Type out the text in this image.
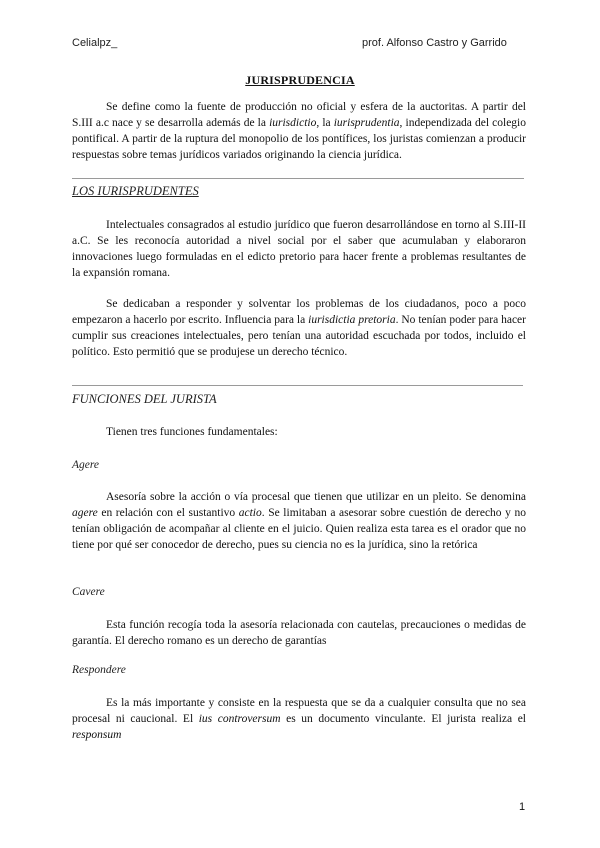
Celialpz_	prof. Alfonso Castro y Garrido
JURISPRUDENCIA

Se define como la fuente de producción no oficial y esfera de la auctoritas. A partir del S.III a.c nace y se desarrolla además de la iurisdictio, la iurisprudentia, independizada del colegio pontifical. A partir de la ruptura del monopolio de los pontífices, los juristas comienzan a producir respuestas sobre temas jurídicos variados originando la ciencia jurídica.

LOS IURISPRUDENTES

Intelectuales consagrados al estudio jurídico que fueron desarrollándose en torno al S.III-II a.C. Se les reconocía autoridad a nivel social por el saber que acumulaban y elaboraron innovaciones luego formuladas en el edicto pretorio para hacer frente a problemas resultantes de la expansión romana.

Se dedicaban a responder y solventar los problemas de los ciudadanos, poco a poco empezaron a hacerlo por escrito. Influencia para la iurisdictia pretoria. No tenían poder para hacer cumplir sus creaciones intelectuales, pero tenían una autoridad escuchada por todos, incluido el político. Esto permitió que se produjese un derecho técnico.

FUNCIONES DEL JURISTA
Tienen tres funciones fundamentales:
Agere

Asesoría sobre la acción o vía procesal que tienen que utilizar en un pleito. Se denomina agere en relación con el sustantivo actio. Se limitaban a asesorar sobre cuestión de derecho y no tenían obligación de acompañar al cliente en el juicio. Quien realiza esta tarea es el orador que no tiene por qué ser conocedor de derecho, pues su ciencia no es la jurídica, sino la retórica

Cavere

Esta función recogía toda la asesoría relacionada con cautelas, precauciones o medidas de garantía. El derecho romano es un derecho de garantías

Respondere

Es la más importante y consiste en la respuesta que se da a cualquier consulta que no sea procesal ni caucional. El ius controversum es un documento vinculante. El jurista realiza el responsum

1
